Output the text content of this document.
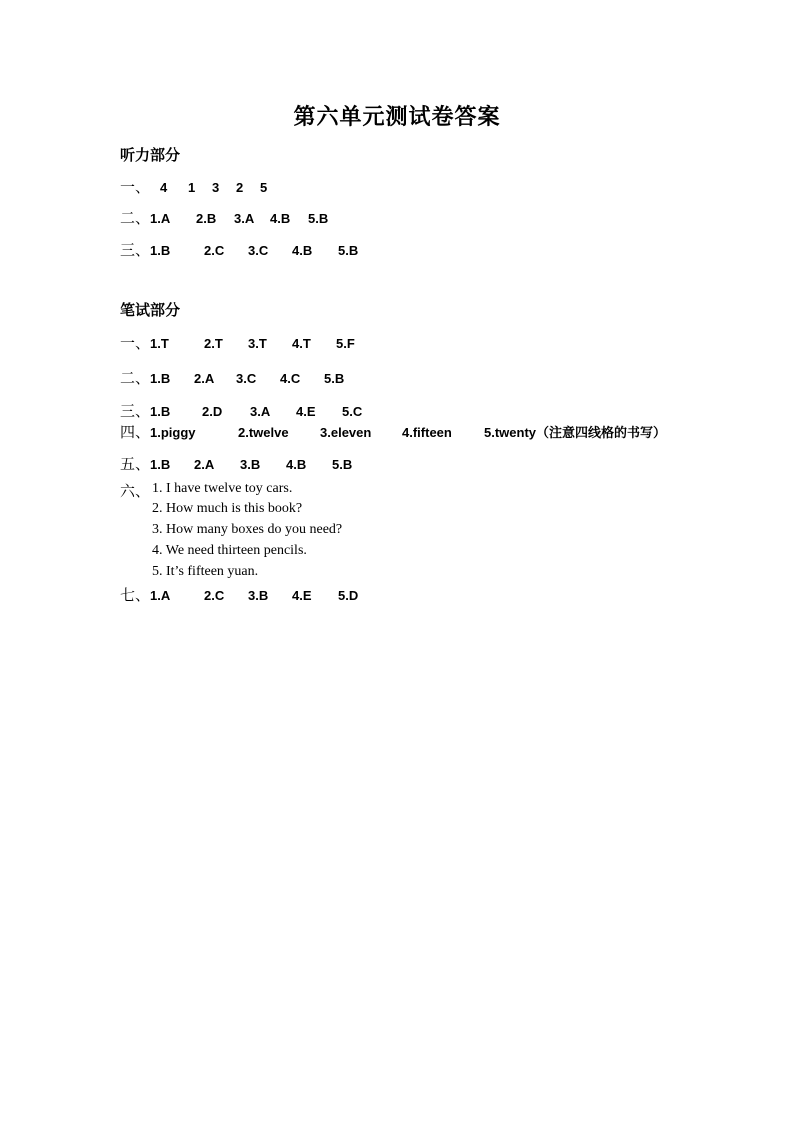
第六单元测试卷答案
听力部分
一、 4	1	3	2	5
二、 1.A	2.B	3.A	4.B	5.B
三、 1.B	2.C	3.C	4.B	5.B
笔试部分
一、 1.T	2.T	3.T	4.T	5.F
二、 1.B	2.A	3.C	4.C	5.B
三、 1.B	2.D	3.A	4.E	5.C
四、 1.piggy	2.twelve	3.eleven	4.fifteen	5.twenty （注意四线格的书写）
五、 1.B	2.A	3.B	4.B	5.B
六、 1. I have twelve toy cars.
2. How much is this book?
3. How many boxes do you need?
4. We need thirteen pencils.
5. It’s fifteen yuan.
七、 1.A	2.C	3.B	4.E	5.D
